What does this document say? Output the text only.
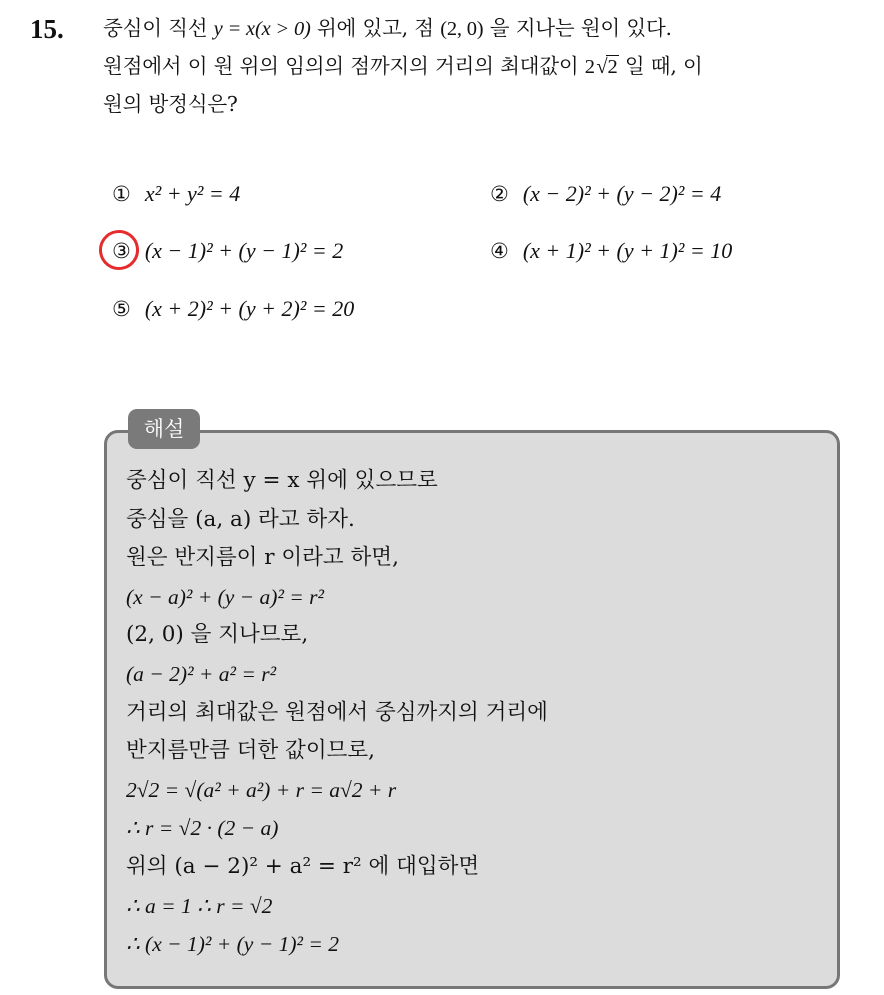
15. 중심이 직선 y = x(x > 0) 위에 있고, 점 (2, 0) 을 지나는 원이 있다.
원점에서 이 원 위의 임의의 점까지의 거리의 최대값이 2 √2 일 때, 이
원의 방정식은?
① x² + y² = 4	② (x − 2)² + (y − 2)² = 4
③ (x − 1)² + (y − 1)² = 2	④ (x + 1)² + (y + 1)² = 10
⑤ (x + 2)² + (y + 2)² = 20
해설
중심이 직선 y = x 위에 있으므로
중심을 (a, a) 라고 하자.
원은 반지름이 r 이라고 하면,
(x − a)² + (y − a)² = r²
(2, 0) 을 지나므로,
(a − 2)² + a² = r²
거리의 최대값은 원점에서 중심까지의 거리에
반지름만큼 더한 값이므로,
2√2 = √(a² + a²) + r = a√2 + r
∴ r = √2 · (2 − a)
위의 (a − 2)² + a² = r² 에 대입하면
∴ a = 1 ∴ r = √2
∴ (x − 1)² + (y − 1)² = 2
